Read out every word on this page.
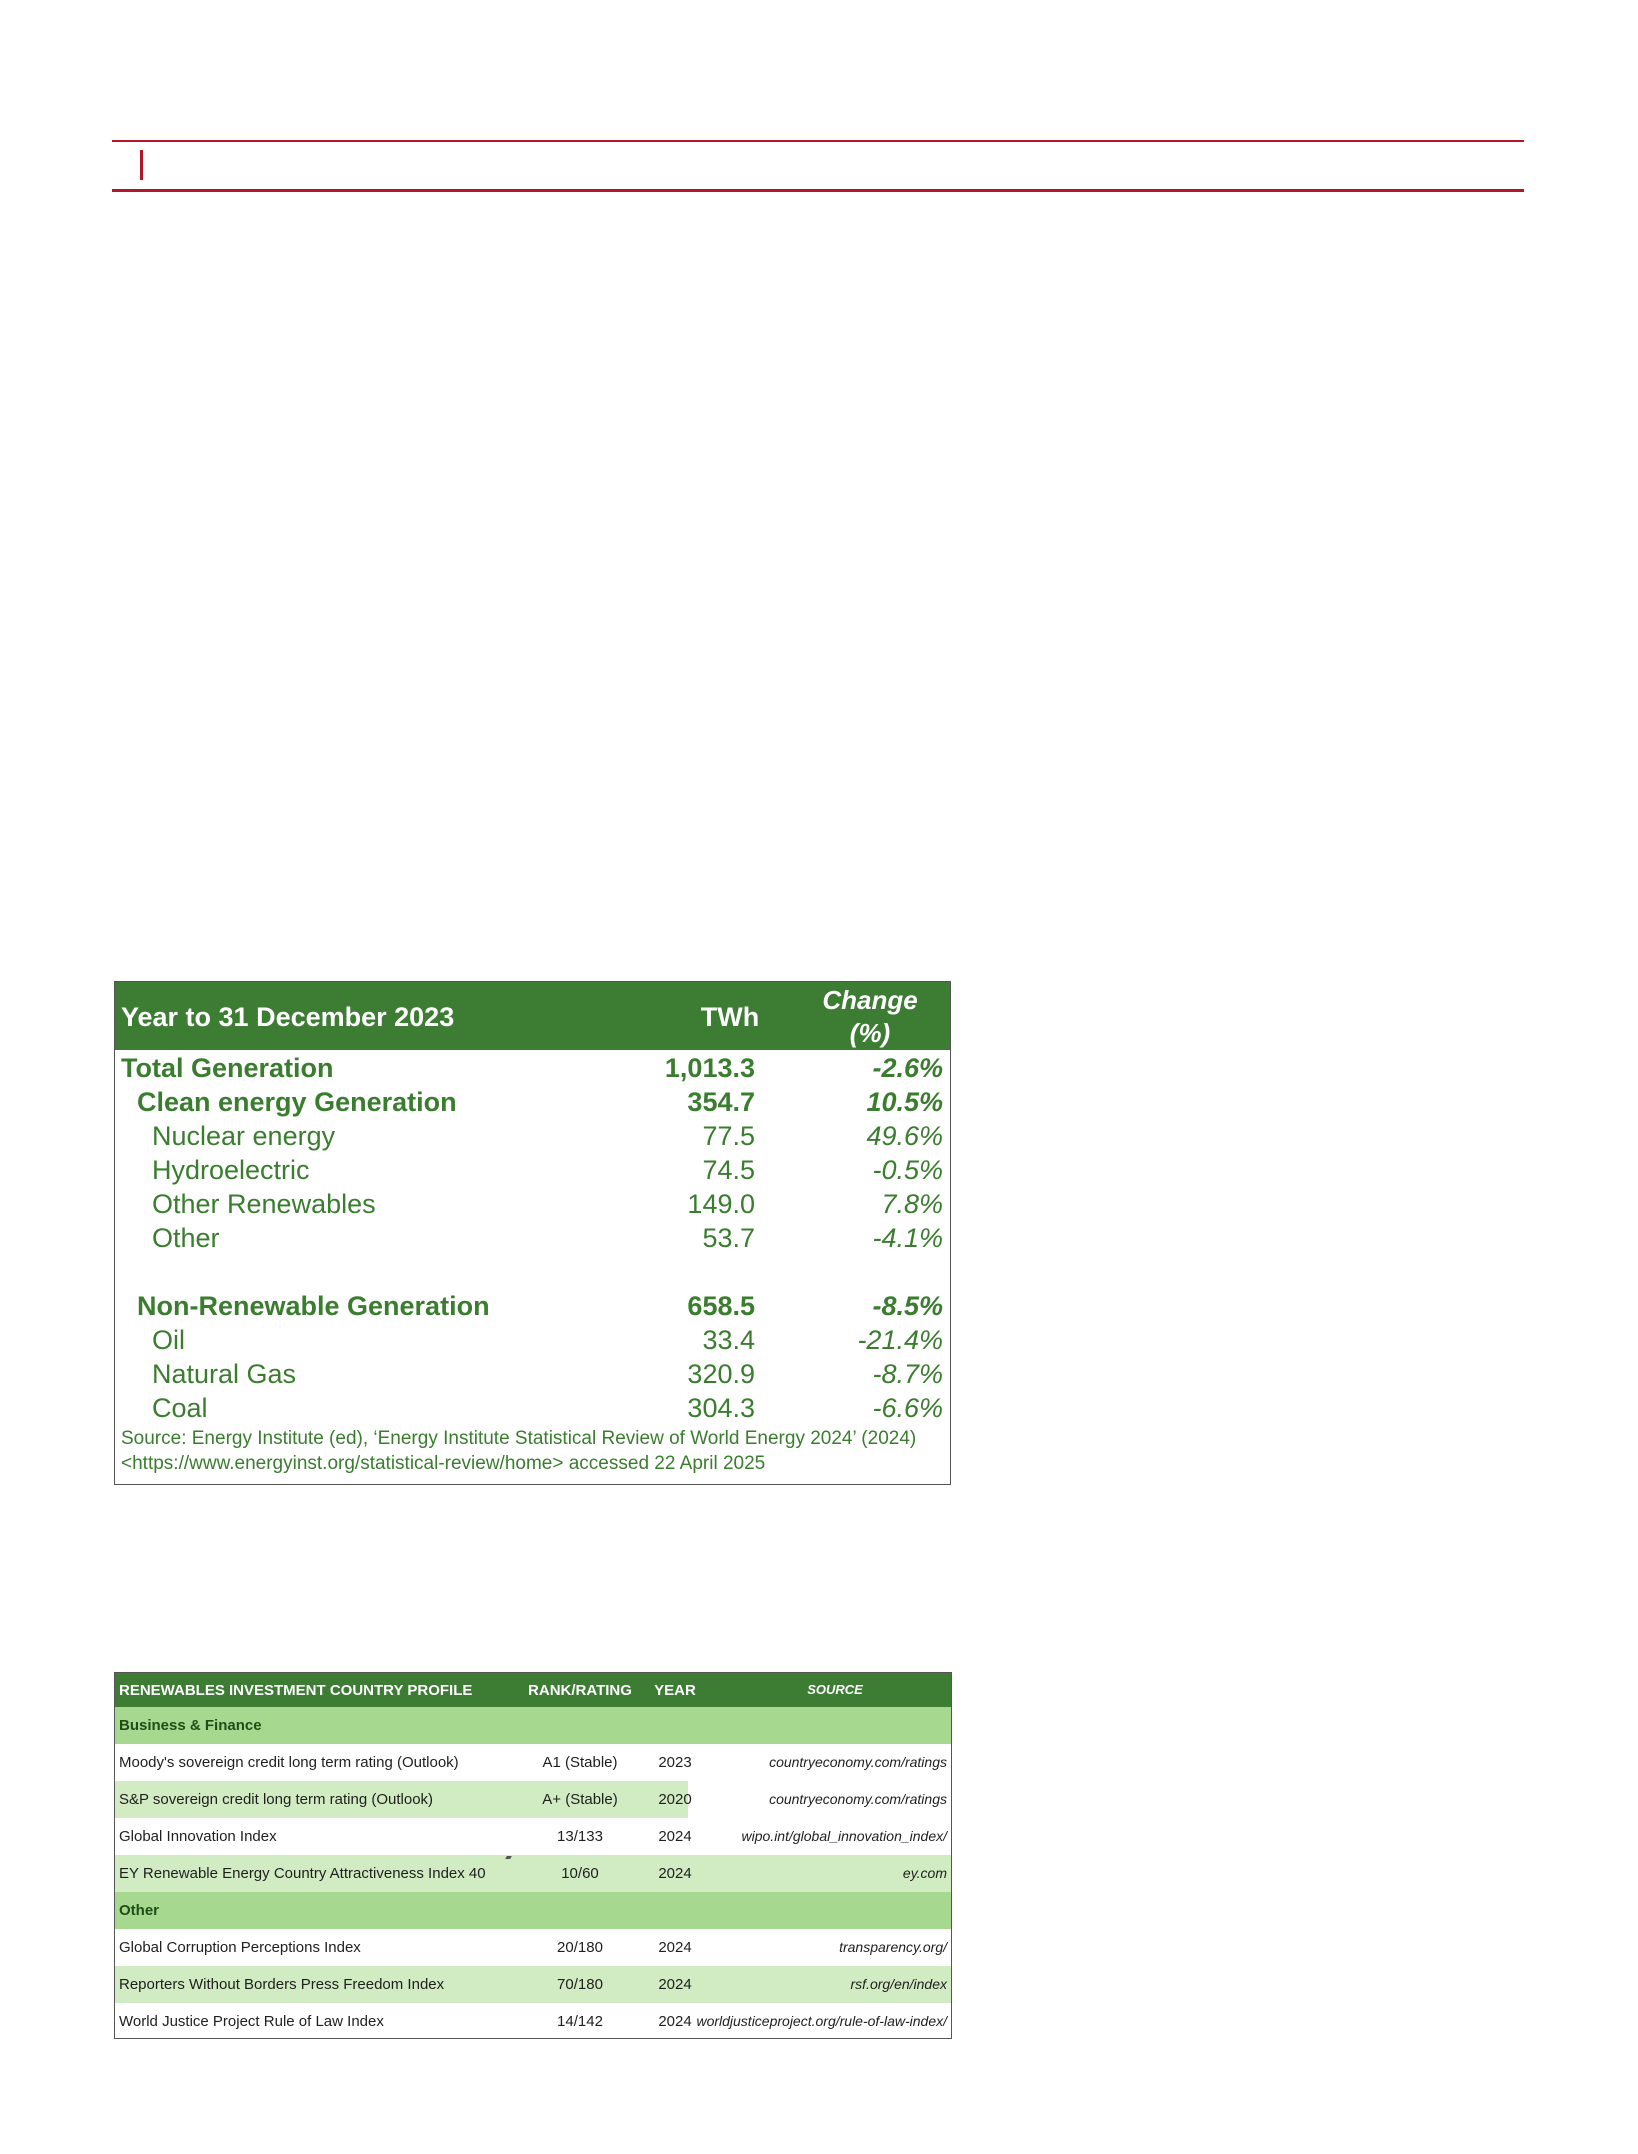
Year to 31 December 2023	TWh
Change
(%)
Total Generation	1,013.3	-2.6%
Clean energy Generation	354.7	10.5%
Nuclear energy	77.5	49.6%
Hydroelectric	74.5	-0.5%
Other Renewables	149.0	7.8%
Other	53.7	-4.1%
Non-Renewable Generation	658.5	-8.5%
Oil	33.4	-21.4%
Natural Gas	320.9	-8.7%
Coal	304.3	-6.6%
Source: Energy Institute (ed), ‘Energy Institute Statistical Review of World Energy 2024’ (2024)
<https://www.energyinst.org/statistical-review/home> accessed 22 April 2025
RENEWABLES INVESTMENT COUNTRY PROFILE	RANK/RATING	YEAR	SOURCE
Business & Finance
Moody's sovereign credit long term rating (Outlook)	A1 (Stable)	2023	countryeconomy.com/ratings
S&P sovereign credit long term rating (Outlook)	A+ (Stable)	2020	countryeconomy.com/ratings
Global Innovation Index	13/133	2024	wipo.int/global_innovation_index/
EY Renewable Energy Country Attractiveness Index 40	10/60	2024	ey.com
Other
Global Corruption Perceptions Index	20/180	2024	transparency.org/
Reporters Without Borders Press Freedom Index	70/180	2024	rsf.org/en/index
World Justice Project Rule of Law Index	14/142	2024 worldjusticeproject.org/rule-of-law-index/
